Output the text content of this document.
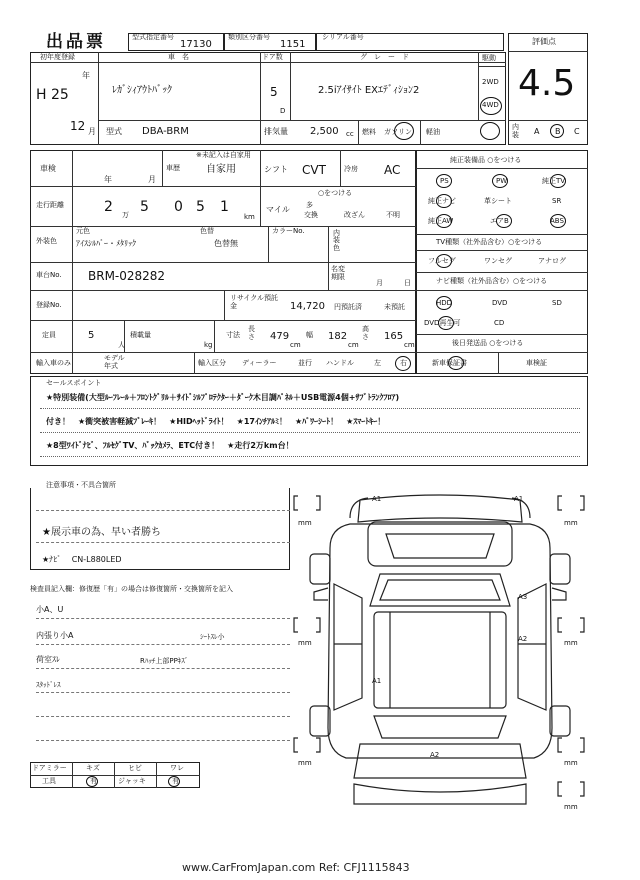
出品票	型式指定番号
17130
類別区分番号
1151
シリアル番号	評価点
4.5
内装	A B C
初年度登録
年
H 25
12 月
車　名
ﾚｶﾞｼｨｱｳﾄﾊﾞｯｸ
ドア数
5
D
グ　レ　ー　ド
2.5iｱｲｻｲﾄ EXｴﾃﾞｨｼｮﾝ2
駆動
2WD
4WD
型式 DBA-BRM	排気量 2,500 cc 燃料 ガソリン 軽油
車検
年	月
車歴
※未記入は自家用
自家用	シフト CVT	冷房 AC
走行距離	2 万 5 0 5 1
km
○をつける
マイル 多
交換	改ざん	不明
外装色
元色
ｱｲｽｼﾙﾊﾞｰ・ﾒﾀﾘｯｸ
色替
色替無
カラーNo.	内装色
車台No. BRM-028282	名変期限
月	日
登録No.
リサイクル預託金	14,720 円預託済	未預託
定員	5
人
積載量
kg
寸法
長さ 479
cm
幅 182
cm
高さ 165
cm
輸入車のみ
モデル年式	輸入区分 ディーラー	並行 ハンドル	左	右
純正装備品 ○をつける
PS	PW	純正TV
純正ナビ	革シート	SR
純正AW	エアB	ABS
TV種類（社外品含む）○をつける
フルセグ	ワンセグ	アナログ
ナビ種類（社外品含む）○をつける
HDD	DVD	SD
DVD再生可	CD
後日発送品 ○をつける
新車保証書	車検証
セールスポイント
★特別装備(大型ﾙｰﾌﾚｰﾙ＋ﾌﾛﾝﾄｸﾞﾘﾙ＋ｻｲﾄﾞｼﾙﾌﾟﾛﾃｸﾀｰ＋ﾀﾞｰｸ木目調ﾊﾟﾈﾙ＋USB電源4個+ｻﾌﾞﾄﾗﾝｸﾌﾛｱ)
付き！　★衝突被害軽減ﾌﾞﾚｰｷ！　★HIDﾍｯﾄﾞﾗｲﾄ！　★17ｲﾝﾁｱﾙﾐ！　★ﾊﾟﾜｰｼｰﾄ！　★ｽﾏｰﾄｷｰ！
★8型ﾜｲﾄﾞﾅﾋﾞ、ﾌﾙｾｸﾞTV、ﾊﾞｯｸｶﾒﾗ、ETC付き！　★走行2万km台！
注意事項・不具合箇所
★展示車の為、早い者勝ち
★ﾅﾋﾞ　 CN-L880LED
検査員記入欄：修復歴「有」の場合は修復箇所・交換箇所を記入
小A、U
内張り小A	ｼｰﾄｽﾚ小
荷室ｽﾚ	Rﾊｯﾁ上部PPｷｽﾞ
ｽﾀｯﾄﾞﾚｽ
ドアミラー	キズ	ヒビ	ワレ
工具	有	ジャッキ	有
A1	A1
A3
A2
A1
A2
mm	mm
mm	mm
mm	mm
mm
www.CarFromJapan.com Ref: CFJ1115843
